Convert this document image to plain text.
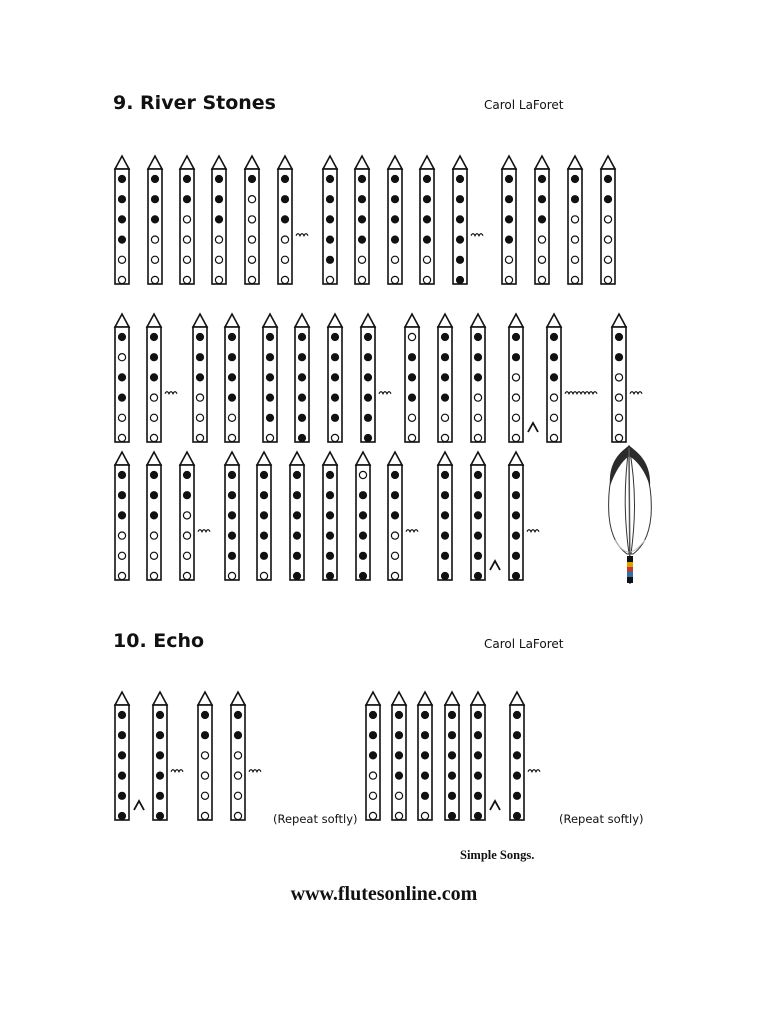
9. River Stones	Carol LaForet
10. Echo	Carol LaForet
(Repeat softly)	(Repeat softly)
Simple Songs.
www.flutesonline.com
